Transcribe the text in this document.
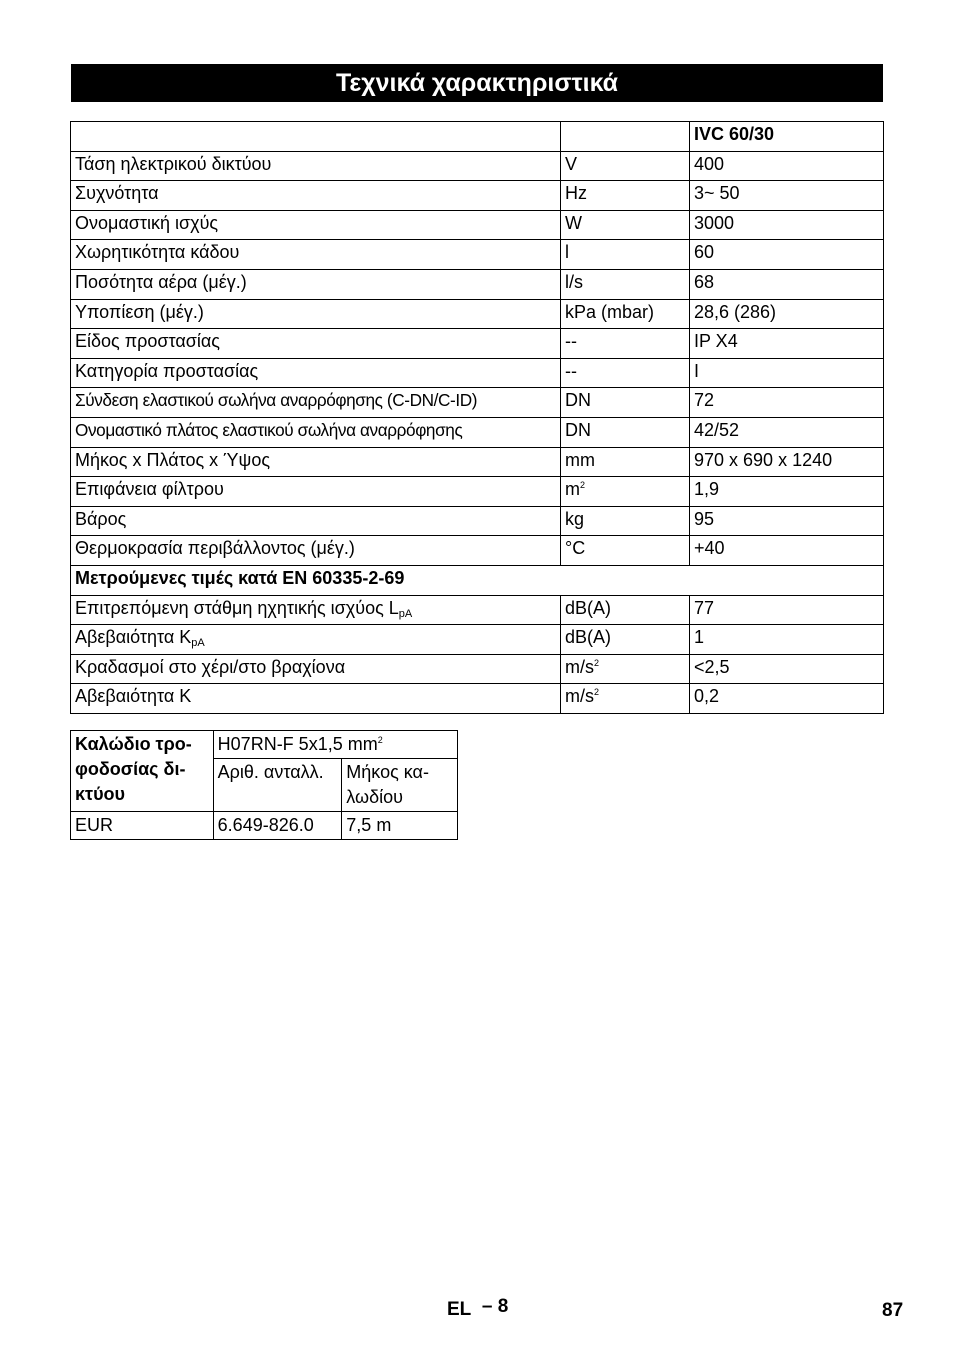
Τεχνικά χαρακτηριστικά
		IVC 60/30
Τάση ηλεκτρικού δικτύου	V	400
Συχνότητα	Hz	3~ 50
Ονομαστική ισχύς	W	3000
Χωρητικότητα κάδου	l	60
Ποσότητα αέρα (μέγ.)	l/s	68
Υποπίεση (μέγ.)	kPa (mbar)	28,6 (286)
Είδος προστασίας	--	IP X4
Κατηγορία προστασίας	--	I
Σύνδεση ελαστικού σωλήνα αναρρόφησης (C-DN/C-ID)	DN	72
Ονομαστικό πλάτος ελαστικού σωλήνα αναρρόφησης	DN	42/52
Μήκος x Πλάτος x Ύψος	mm	970 x 690 x 1240
Επιφάνεια φίλτρου	$m^2$	1,9
Βάρος	kg	95
Θερμοκρασία περιβάλλοντος (μέγ.)	°C	+40
Μετρούμενες τιμές κατά EN 60335-2-69		
Επιτρεπόμενη στάθμη ηχητικής ισχύος $L_{pA}$	dB(A)	77
Αβεβαιότητα $K_{pA}$	dB(A)	1
Κραδασμοί στο χέρι/στο βραχίονα	$m/s^2$	<2,5
Αβεβαιότητα K	$m/s^2$	0,2
Καλώδιο τρο-
φοδοσίας δι-
κτύου	H07RN-F 5x1,5 $mm^2$
	Αριθ. ανταλλ.	Μήκος κα-
λωδίου
EUR	6.649-826.0	7,5 m
EL – 8	87
